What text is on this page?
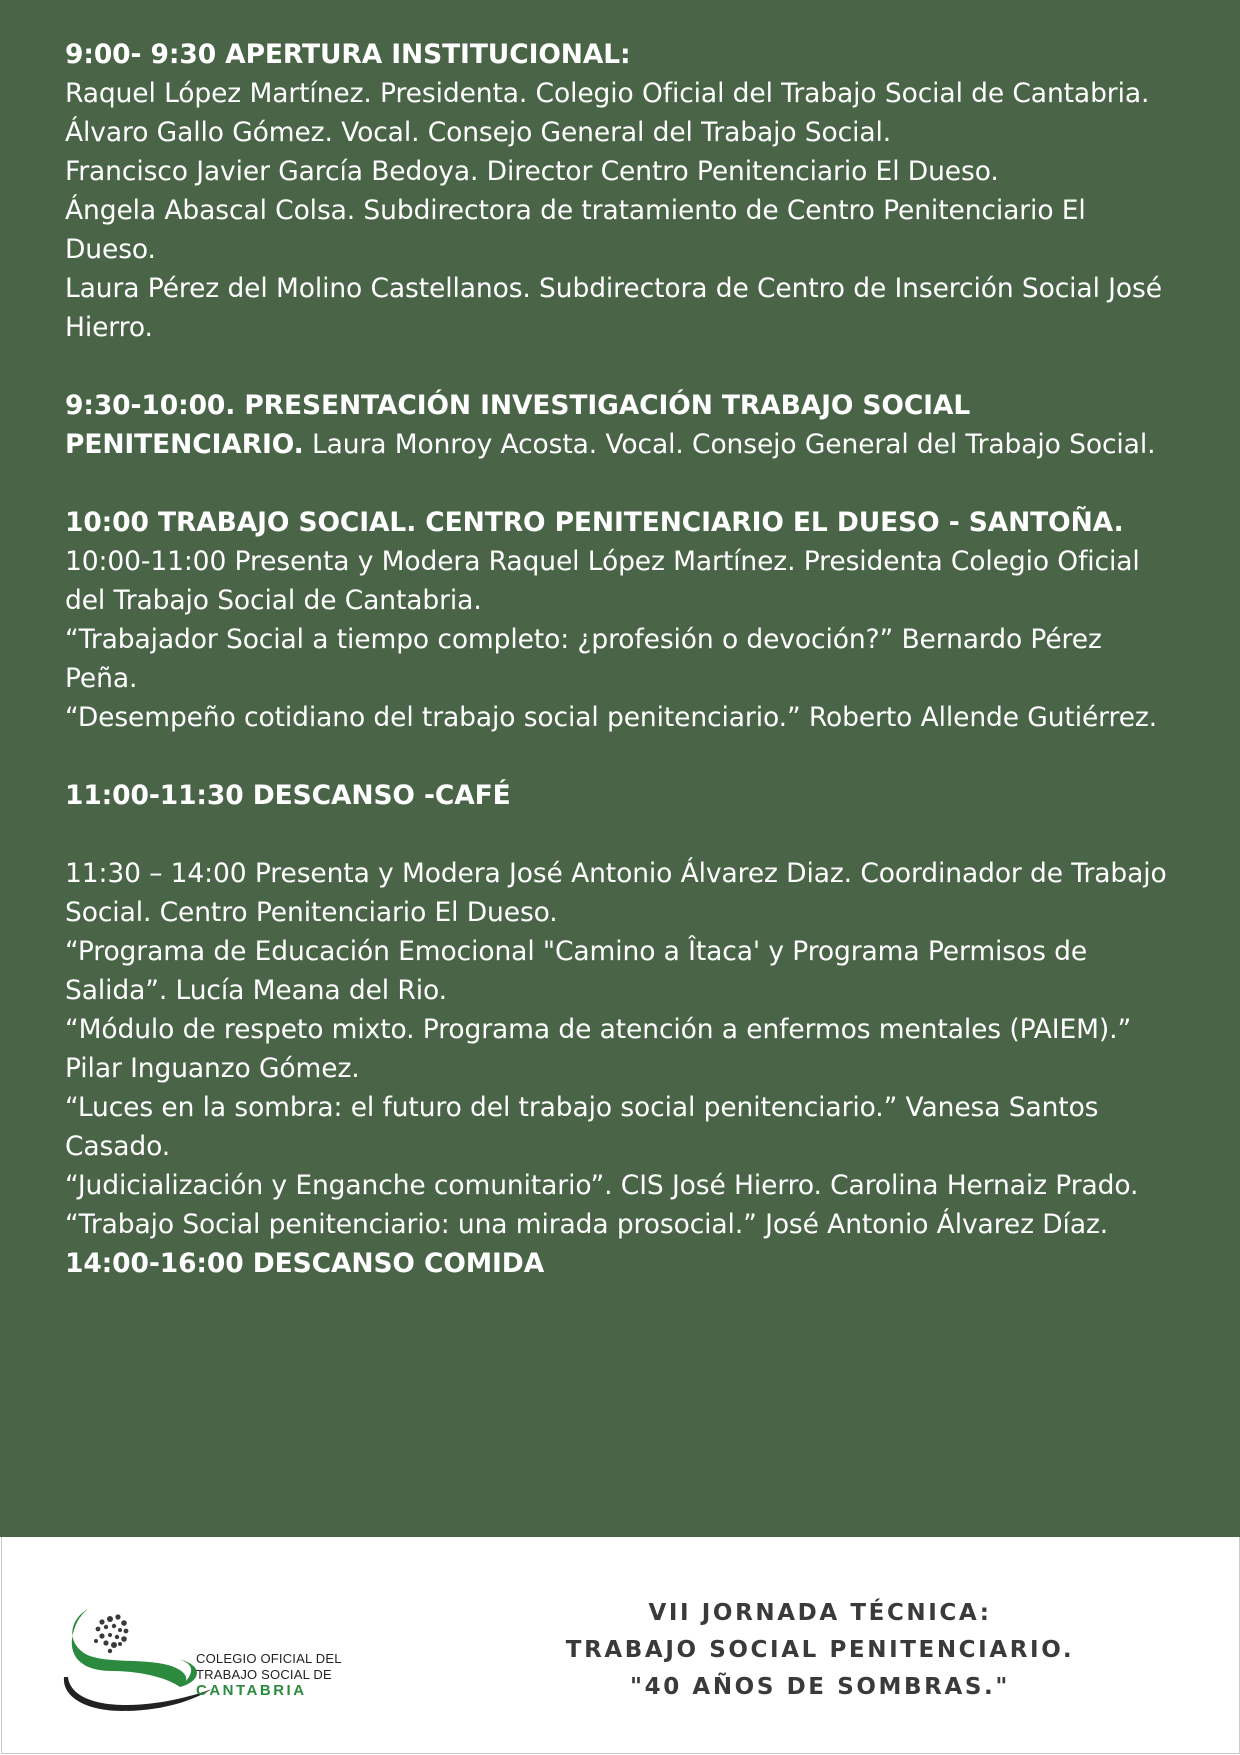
9:00- 9:30 APERTURA INSTITUCIONAL:
Raquel López Martínez. Presidenta. Colegio Oficial del Trabajo Social de Cantabria.
Álvaro Gallo Gómez. Vocal. Consejo General del Trabajo Social.
Francisco Javier García Bedoya. Director Centro Penitenciario El Dueso.
Ángela Abascal Colsa. Subdirectora de tratamiento de Centro Penitenciario El Dueso.
Laura Pérez del Molino Castellanos. Subdirectora de Centro de Inserción Social José Hierro.
9:30-10:00. PRESENTACIÓN INVESTIGACIÓN TRABAJO SOCIAL PENITENCIARIO. Laura Monroy Acosta. Vocal. Consejo General del Trabajo Social.
10:00 TRABAJO SOCIAL. CENTRO PENITENCIARIO EL DUESO - SANTOÑA.
10:00-11:00 Presenta y Modera Raquel López Martínez. Presidenta Colegio Oficial del Trabajo Social de Cantabria.
“Trabajador Social a tiempo completo: ¿profesión o devoción?” Bernardo Pérez Peña.
“Desempeño cotidiano del trabajo social penitenciario.” Roberto Allende Gutiérrez.
11:00-11:30 DESCANSO -CAFÉ
11:30 – 14:00 Presenta y Modera José Antonio Álvarez Diaz. Coordinador de Trabajo Social. Centro Penitenciario El Dueso.
“Programa de Educación Emocional "Camino a Îtaca' y Programa Permisos de Salida”. Lucía Meana del Rio.
“Módulo de respeto mixto. Programa de atención a enfermos mentales (PAIEM).” Pilar Inguanzo Gómez.
“Luces en la sombra: el futuro del trabajo social penitenciario.” Vanesa Santos Casado.
“Judicialización y Enganche comunitario”. CIS José Hierro. Carolina Hernaiz Prado.
“Trabajo Social penitenciario: una mirada prosocial.” José Antonio Álvarez Díaz.
14:00-16:00 DESCANSO COMIDA
COLEGIO OFICIAL DEL
TRABAJO SOCIAL DE
CANTABRIA
VII JORNADA TÉCNICA:
TRABAJO SOCIAL PENITENCIARIO.
"40 AÑOS DE SOMBRAS."
